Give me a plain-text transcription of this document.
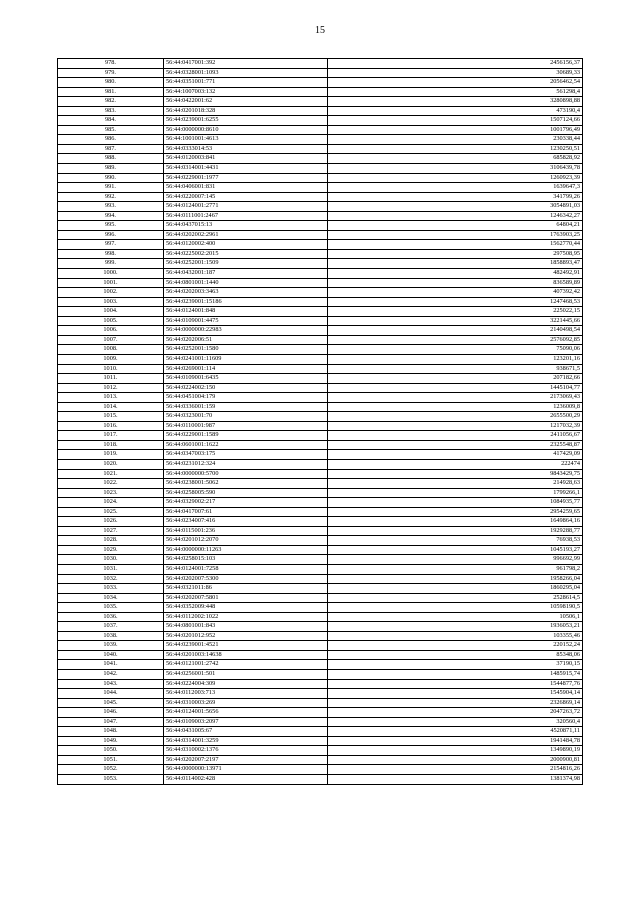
15
978.	56:44:0417001:392	2456156,37
979.	56:44:0328001:1093	30689,33
980.	56:44:0351001:771	2056462,54
981.	56:44:1007003:132	561298,4
982.	56:44:0422001:62	3280898,88
983.	56:44:0201018:328	473190,4
984.	56:44:0239001:6255	1507124,66
985.	56:44:0000000:8610	1001796,49
986.	56:44:1001001:4613	230338,44
987.	56:44:0333014:53	1230250,51
988.	56:44:0120003:841	685828,92
989.	56:44:0314001:4431	3106439,78
990.	56:44:0229001:1977	1260923,39
991.	56:44:0406001:831	1639647,3
992.	56:44:0220007:145	341799,26
993.	56:44:0124001:2771	3054891,03
994.	56:44:0111001:2467	1246342,27
995.	56:44:0437015:13	64804,21
996.	56:44:0202002:2961	1763903,25
997.	56:44:0120002:400	1562770,44
998.	56:44:0225002:2015	297508,95
999.	56:44:0252001:1509	1858893,47
1000.	56:44:0432001:187	482492,91
1001.	56:44:0801001:1440	836589,89
1002.	56:44:0202003:3463	407392,42
1003.	56:44:0239001:15186	1247468,53
1004.	56:44:0124001:848	225022,15
1005.	56:44:0109001:4475	3221445,66
1006.	56:44:0000000:22983	2140498,54
1007.	56:44:0202006:51	2576092,85
1008.	56:44:0252001:1580	75090,06
1009.	56:44:0241001:11609	123201,16
1010.	56:44:0269001:114	938671,5
1011.	56:44:0109001:6435	207182,66
1012.	56:44:0224002:150	1445104,77
1013.	56:44:0451004:179	2173069,43
1014.	56:44:0336001:159	1236009,8
1015.	56:44:0323001:70	2655500,29
1016.	56:44:0110001:987	1217032,39
1017.	56:44:0229001:1589	2411056,67
1018.	56:44:0601001:1622	2325548,87
1019.	56:44:0347003:175	417429,09
1020.	56:44:0231012:324	222474
1021.	56:44:0000000:5700	9843429,75
1022.	56:44:0238001:5062	214928,63
1023.	56:44:0258005:590	1799266,1
1024.	56:44:0329002:217	1084935,77
1025.	56:44:0417007:61	2954259,65
1026.	56:44:0234007:416	1649864,16
1027.	56:44:0115001:236	1929288,77
1028.	56:44:0201012:2070	76938,53
1029.	56:44:0000000:11263	1045193,27
1030.	56:44:0258015:103	996692,99
1031.	56:44:0124001:7258	961798,2
1032.	56:44:0202007:5300	1958266,04
1033.	56:44:0321011:86	1860295,04
1034.	56:44:0202007:5801	2528614,5
1035.	56:44:0352009:448	10598190,5
1036.	56:44:0112002:1022	10506,1
1037.	56:44:0801001:843	1936053,21
1038.	56:44:0201012:952	103355,46
1039.	56:44:0239001:4521	220152,24
1040.	56:44:0201003:14638	85348,06
1041.	56:44:0121001:2742	37190,15
1042.	56:44:0256001:501	1485915,74
1043.	56:44:0224004:309	1544877,76
1044.	56:44:0112003:713	1545904,14
1045.	56:44:0310003:269	2326869,14
1046.	56:44:0124001:5656	2047263,72
1047.	56:44:0109003:2097	320560,4
1048.	56:44:0431005:67	4520871,11
1049.	56:44:0314001:3259	1941484,78
1050.	56:44:0310002:1376	1349890,19
1051.	56:44:0202007:2197	2000900,81
1052.	56:44:0000000:13971	2154816,26
1053.	56:44:0114002:428	1381374,98
